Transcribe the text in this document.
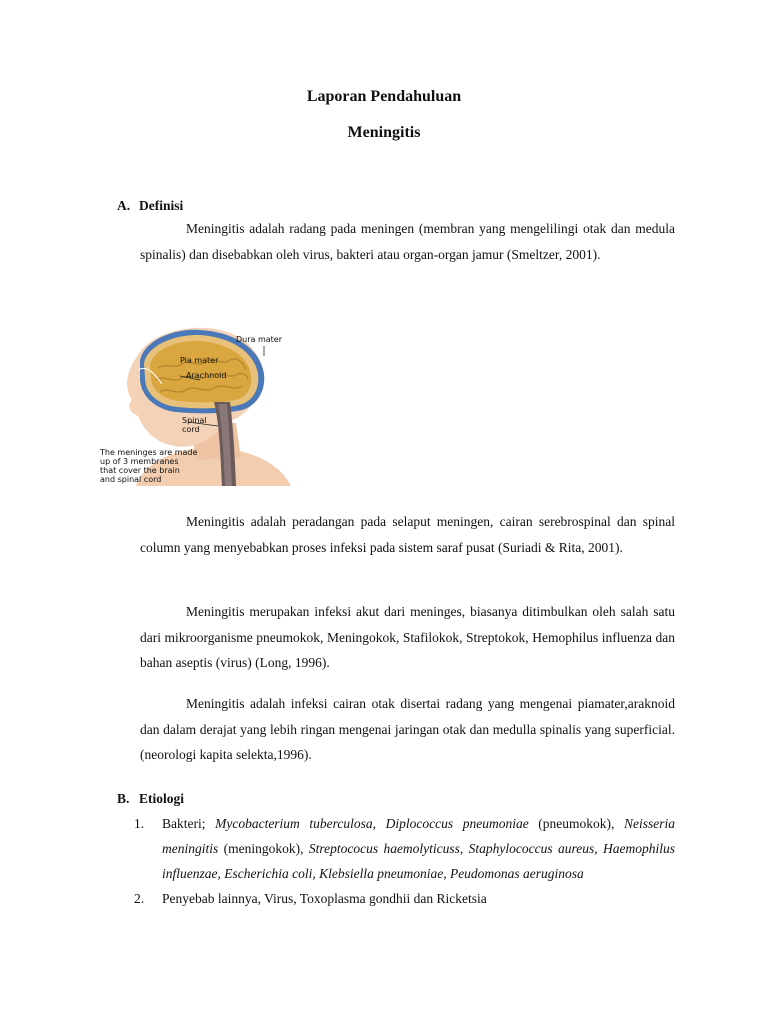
Laporan Pendahuluan
Meningitis
A. Definisi

Meningitis adalah radang pada meningen (membran yang mengelilingi otak dan medula spinalis) dan disebabkan oleh virus, bakteri atau organ-organ jamur (Smeltzer, 2001).

Dura mater
Pia mater
Arachnoid
Spinal
cord
The meninges are made
up of 3 membranes
that cover the brain
and spinal cord

Meningitis adalah peradangan pada selaput meningen, cairan serebrospinal dan spinal column yang menyebabkan proses infeksi pada sistem saraf pusat (Suriadi & Rita, 2001).

Meningitis merupakan infeksi akut dari meninges, biasanya ditimbulkan oleh salah satu dari mikroorganisme pneumokok, Meningokok, Stafilokok, Streptokok, Hemophilus influenza dan bahan aseptis (virus) (Long, 1996).

Meningitis adalah infeksi cairan otak disertai radang yang mengenai piamater,araknoid dan dalam derajat yang lebih ringan mengenai jaringan otak dan medulla spinalis yang superficial.(neorologi kapita selekta,1996).

B. Etiologi
1. Bakteri; Mycobacterium tuberculosa, Diplococcus pneumoniae (pneumokok), Neisseria meningitis (meningokok), Streptococus haemolyticuss, Staphylococcus aureus, Haemophilus influenzae, Escherichia coli, Klebsiella pneumoniae, Peudomonas aeruginosa
2. Penyebab lainnya, Virus, Toxoplasma gondhii dan Ricketsia
